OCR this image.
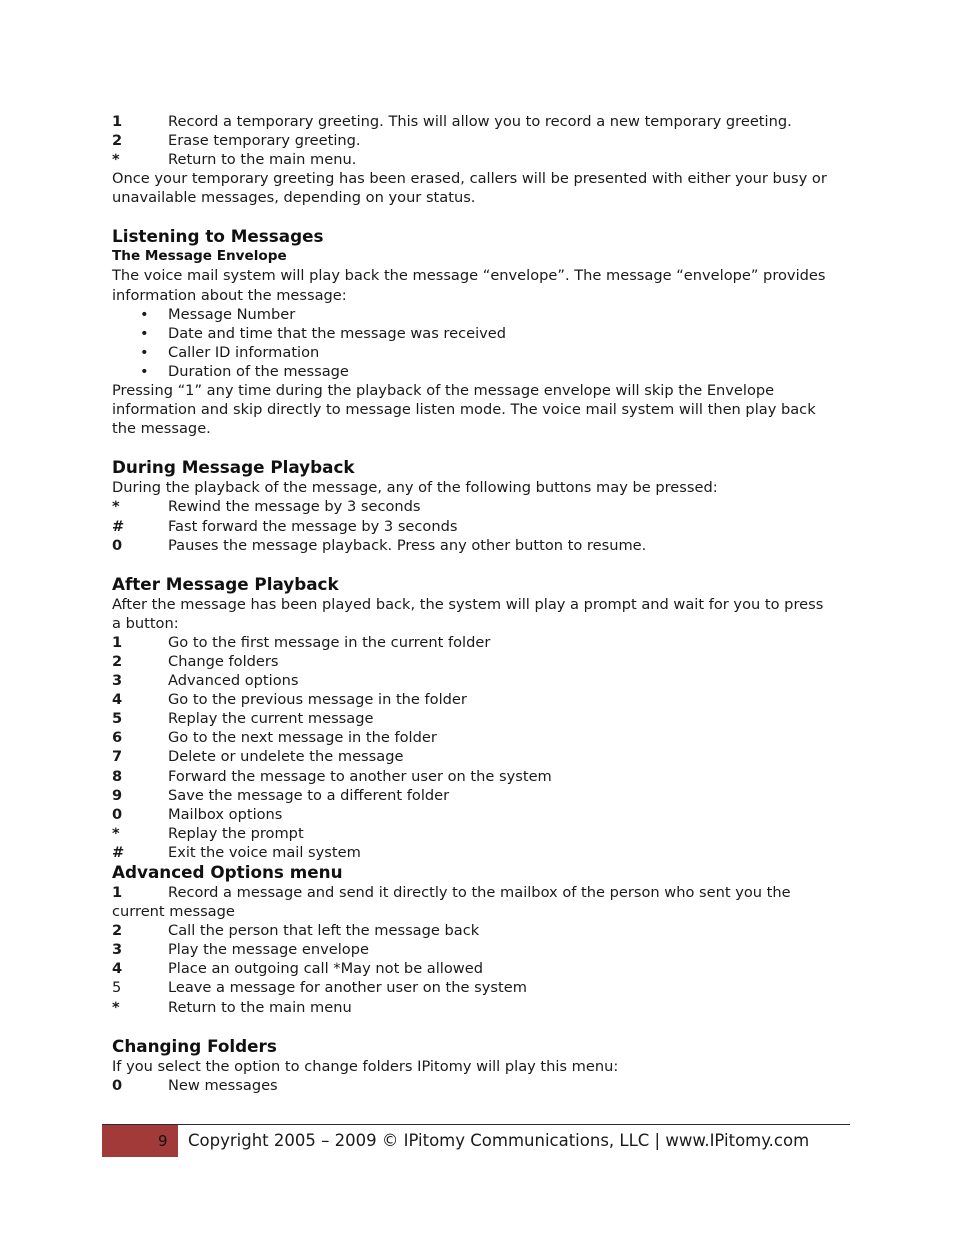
1	Record a temporary greeting. This will allow you to record a new temporary greeting.
2	Erase temporary greeting.
*	Return to the main menu.

Once your temporary greeting has been erased, callers will be presented with either your busy or unavailable messages, depending on your status.

Listening to Messages
The Message Envelope

The voice mail system will play back the message “envelope”. The message “envelope” provides information about the message:

•	Message Number
•	Date and time that the message was received
•	Caller ID information
•	Duration of the message

Pressing “1” any time during the playback of the message envelope will skip the Envelope information and skip directly to message listen mode. The voice mail system will then play back the message.

During Message Playback

During the playback of the message, any of the following buttons may be pressed:

*	Rewind the message by 3 seconds
#	Fast forward the message by 3 seconds
0	Pauses the message playback. Press any other button to resume.
After Message Playback

After the message has been played back, the system will play a prompt and wait for you to press a button:

1	Go to the first message in the current folder
2	Change folders
3	Advanced options
4	Go to the previous message in the folder
5	Replay the current message
6	Go to the next message in the folder
7	Delete or undelete the message
8	Forward the message to another user on the system
9	Save the message to a different folder
0	Mailbox options
*	Replay the prompt
#	Exit the voice mail system
Advanced Options menu

1	Record a message and send it directly to the mailbox of the person who sent you the current message

2	Call the person that left the message back
3	Play the message envelope
4	Place an outgoing call *May not be allowed
5	Leave a message for another user on the system
*	Return to the main menu
Changing Folders

If you select the option to change folders IPitomy will play this menu:

0	New messages
9 Copyright 2005 – 2009 © IPitomy Communications, LLC | www.IPitomy.com
